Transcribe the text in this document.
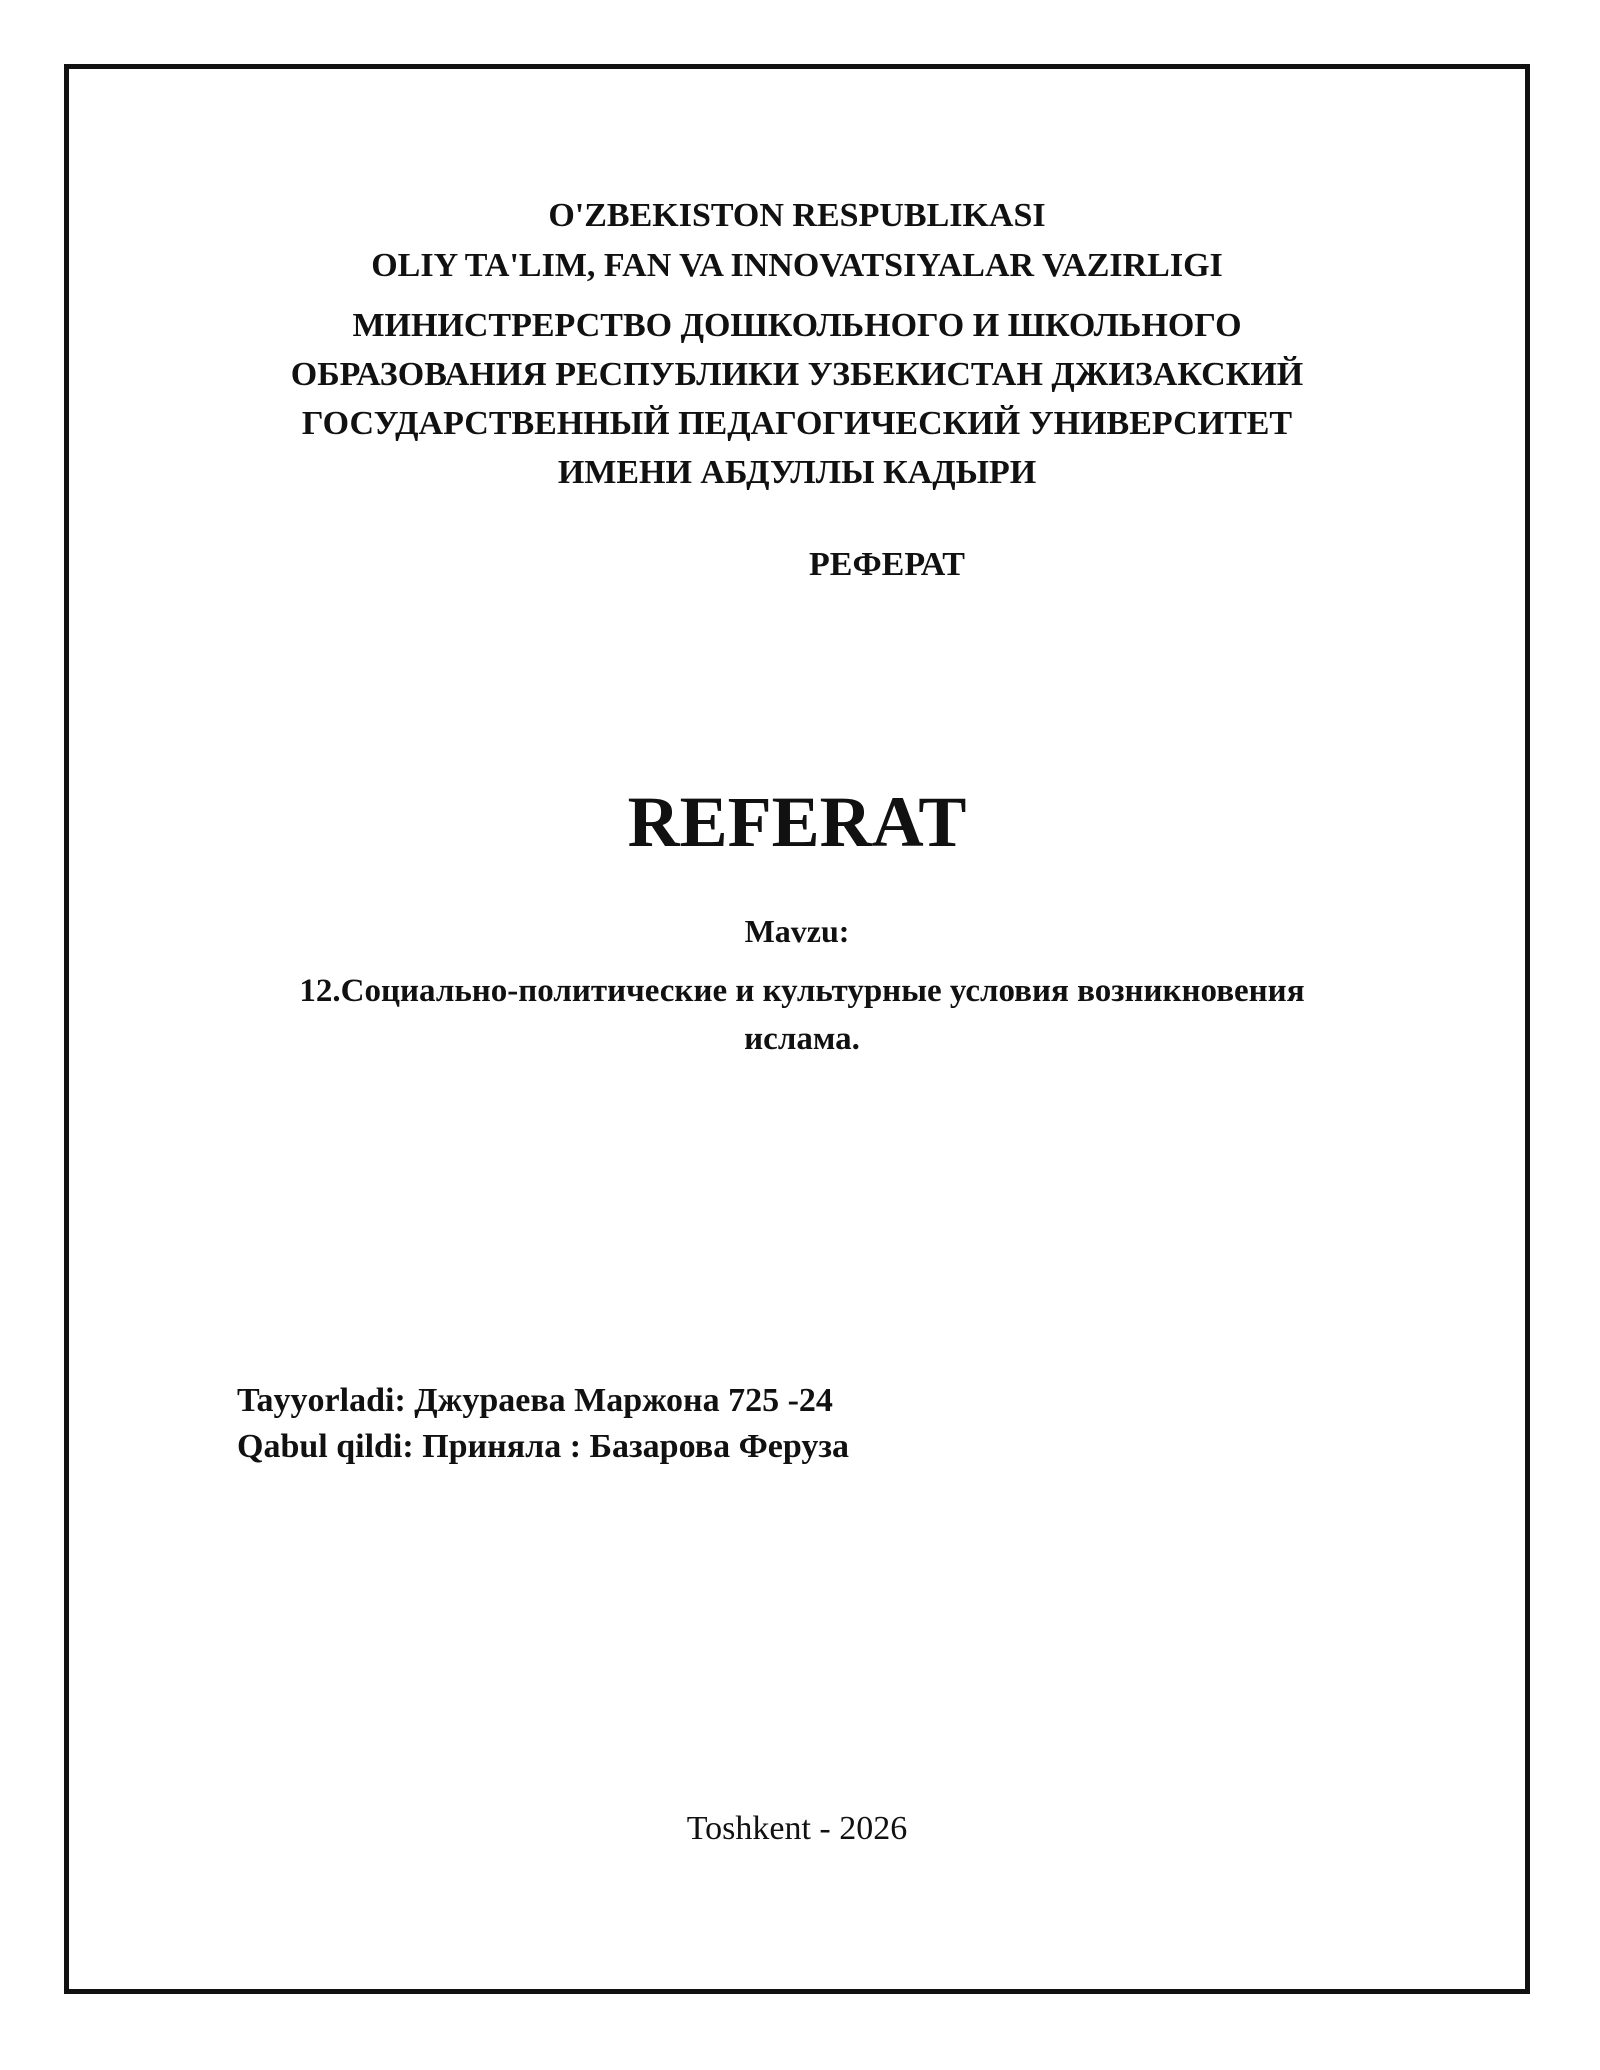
O'ZBEKISTON RESPUBLIKASI
OLIY TA'LIM, FAN VA INNOVATSIYALAR VAZIRLIGI
МИНИСТРЕРСТВО ДОШКОЛЬНОГО И ШКОЛЬНОГО
ОБРАЗОВАНИЯ РЕСПУБЛИКИ УЗБЕКИСТАН ДЖИЗАКСКИЙ
ГОСУДАРСТВЕННЫЙ ПЕДАГОГИЧЕСКИЙ УНИВЕРСИТЕТ
ИМЕНИ АБДУЛЛЫ КАДЫРИ
РЕФЕРАТ
REFERAT
Mavzu:
12.Социально-политические и культурные условия возникновения ислама.
Tayyorladi: Джураева Маржона 725 -24
Qabul qildi: Приняла : Базарова Феруза
Toshkent - 2026
